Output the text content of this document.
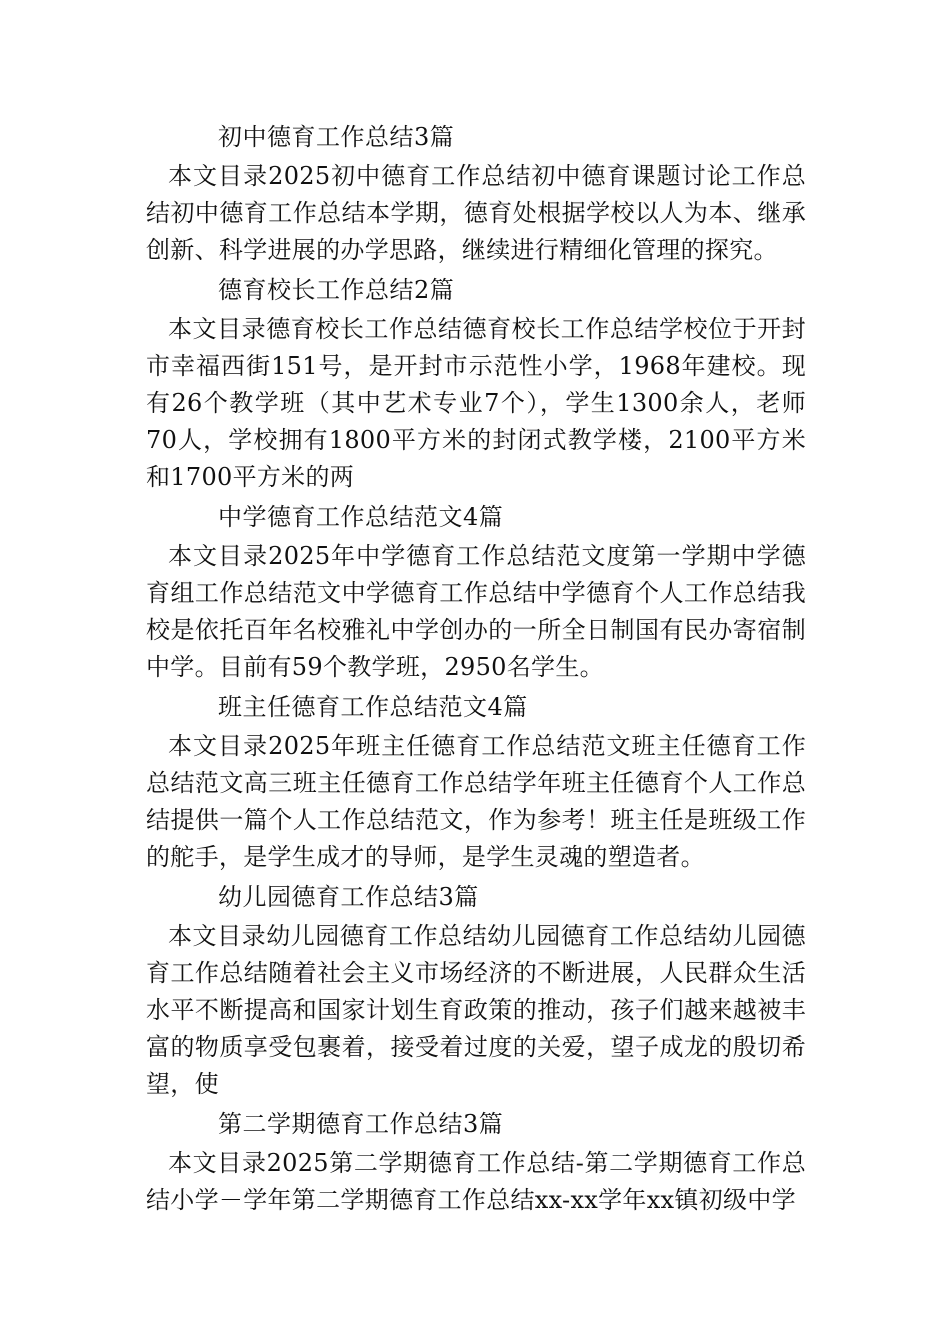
初中德育工作总结3篇

本文目录2025初中德育工作总结初中德育课题讨论工作总结初中德育工作总结本学期，德育处根据学校以人为本、继承创新、科学进展的办学思路，继续进行精细化管理的探究。

德育校长工作总结2篇

本文目录德育校长工作总结德育校长工作总结学校位于开封市幸福西街151号，是开封市示范性小学，1968年建校。现有26个教学班（其中艺术专业7个），学生1300余人，老师70人，学校拥有1800平方米的封闭式教学楼，2100平方米和1700平方米的两

中学德育工作总结范文4篇

本文目录2025年中学德育工作总结范文度第一学期中学德育组工作总结范文中学德育工作总结中学德育个人工作总结我校是依托百年名校雅礼中学创办的一所全日制国有民办寄宿制中学。目前有59个教学班，2950名学生。

班主任德育工作总结范文4篇

本文目录2025年班主任德育工作总结范文班主任德育工作总结范文高三班主任德育工作总结学年班主任德育个人工作总结提供一篇个人工作总结范文，作为参考！班主任是班级工作的舵手，是学生成才的导师，是学生灵魂的塑造者。

幼儿园德育工作总结3篇

本文目录幼儿园德育工作总结幼儿园德育工作总结幼儿园德育工作总结随着社会主义市场经济的不断进展，人民群众生活水平不断提高和国家计划生育政策的推动，孩子们越来越被丰富的物质享受包裹着，接受着过度的关爱，望子成龙的殷切希望，使

第二学期德育工作总结3篇

本文目录2025第二学期德育工作总结-第二学期德育工作总结小学－学年第二学期德育工作总结xx-xx学年xx镇初级中学
